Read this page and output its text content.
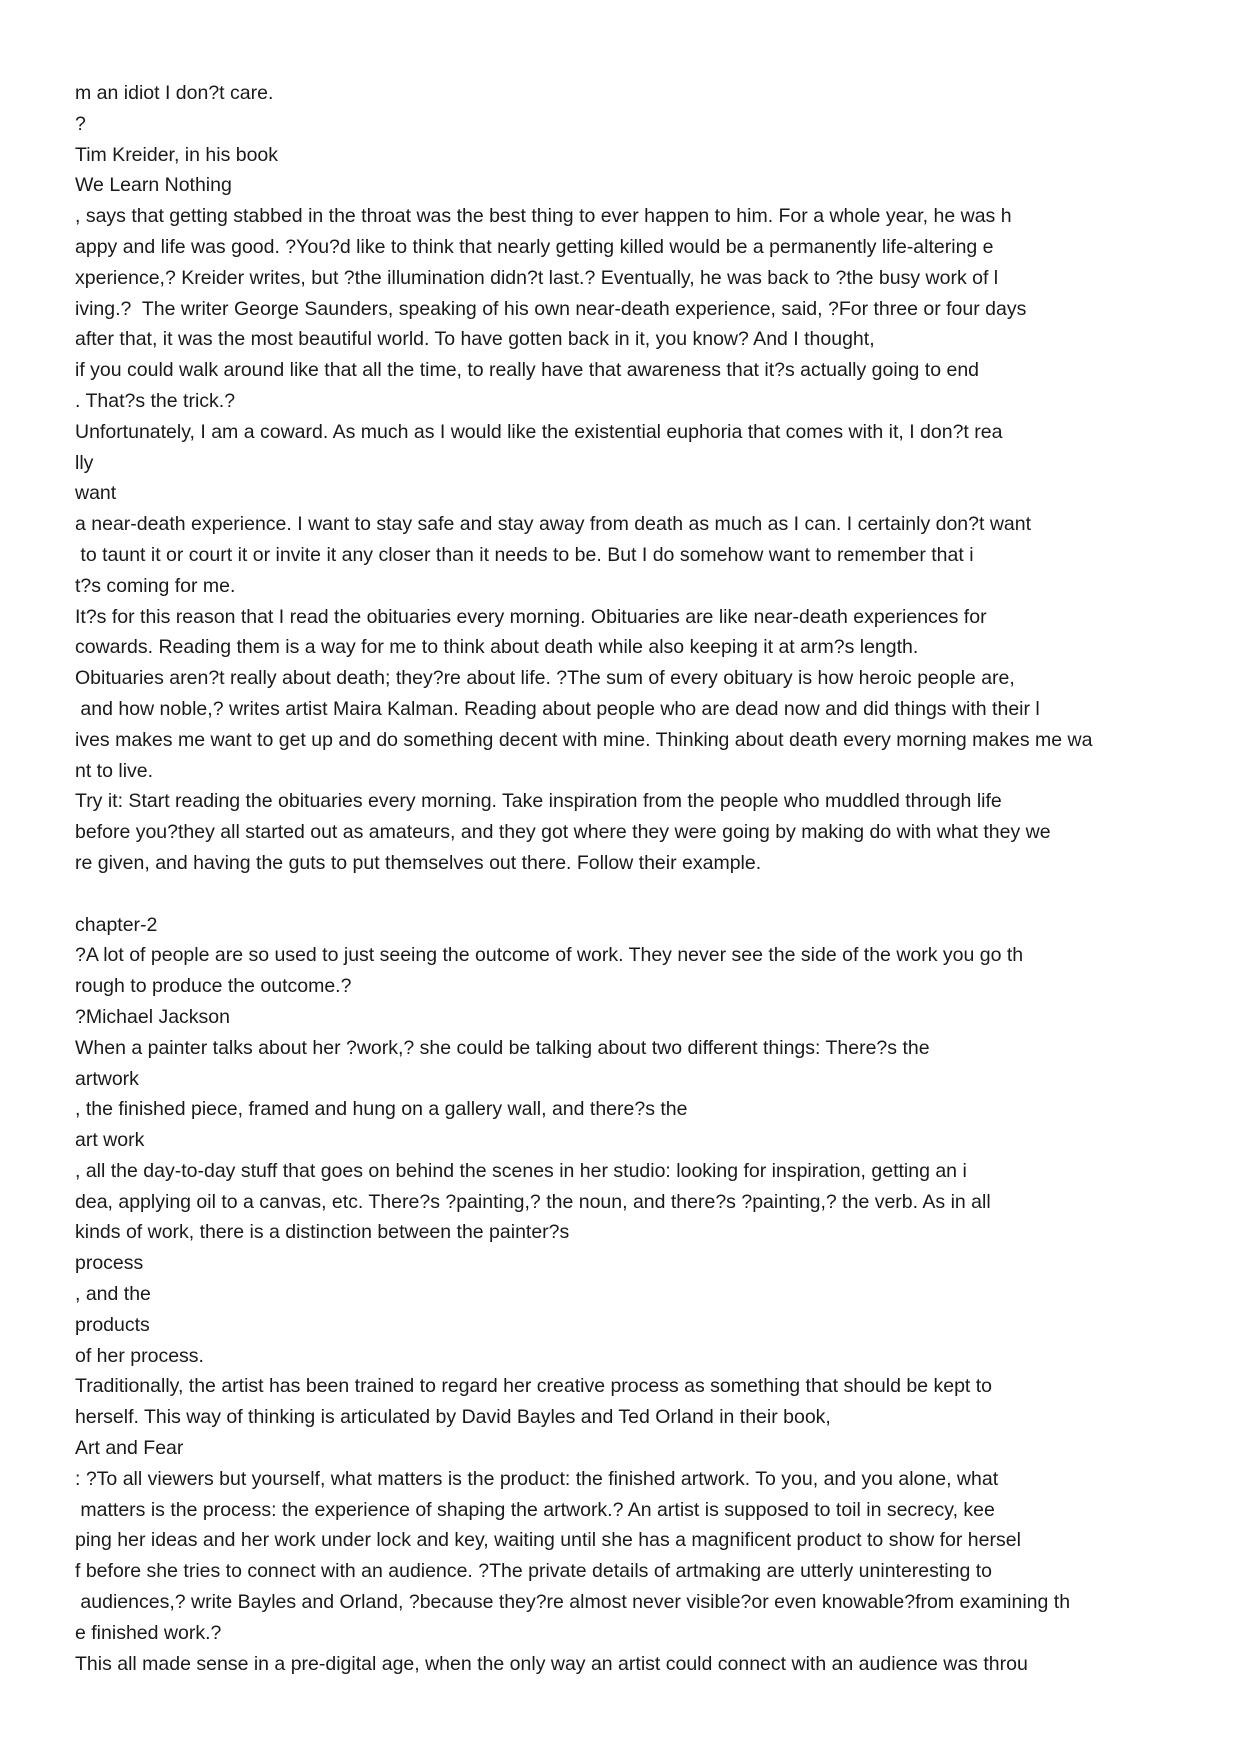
m an idiot I don?t care.
?
Tim Kreider, in his book
We Learn Nothing
, says that getting stabbed in the throat was the best thing to ever happen to him. For a whole year, he was h
appy and life was good. ?You?d like to think that nearly getting killed would be a permanently life-altering e
xperience,? Kreider writes, but ?the illumination didn?t last.? Eventually, he was back to ?the busy work of l
iving.?  The writer George Saunders, speaking of his own near-death experience, said, ?For three or four days
after that, it was the most beautiful world. To have gotten back in it, you know? And I thought,
if you could walk around like that all the time, to really have that awareness that it?s actually going to end
. That?s the trick.?
Unfortunately, I am a coward. As much as I would like the existential euphoria that comes with it, I don?t rea
lly
want
a near-death experience. I want to stay safe and stay away from death as much as I can. I certainly don?t want
to taunt it or court it or invite it any closer than it needs to be. But I do somehow want to remember that i
t?s coming for me.
It?s for this reason that I read the obituaries every morning. Obituaries are like near-death experiences for
cowards. Reading them is a way for me to think about death while also keeping it at arm?s length.
Obituaries aren?t really about death; they?re about life. ?The sum of every obituary is how heroic people are,
and how noble,? writes artist Maira Kalman. Reading about people who are dead now and did things with their l
ives makes me want to get up and do something decent with mine. Thinking about death every morning makes me wa
nt to live.
Try it: Start reading the obituaries every morning. Take inspiration from the people who muddled through life
before you?they all started out as amateurs, and they got where they were going by making do with what they we
re given, and having the guts to put themselves out there. Follow their example.
chapter-2
?A lot of people are so used to just seeing the outcome of work. They never see the side of the work you go th
rough to produce the outcome.?
?Michael Jackson
When a painter talks about her ?work,? she could be talking about two different things: There?s the
artwork
, the finished piece, framed and hung on a gallery wall, and there?s the
art work
, all the day-to-day stuff that goes on behind the scenes in her studio: looking for inspiration, getting an i
dea, applying oil to a canvas, etc. There?s ?painting,? the noun, and there?s ?painting,? the verb. As in all
kinds of work, there is a distinction between the painter?s
process
, and the
products
of her process.
Traditionally, the artist has been trained to regard her creative process as something that should be kept to
herself. This way of thinking is articulated by David Bayles and Ted Orland in their book,
Art and Fear
: ?To all viewers but yourself, what matters is the product: the finished artwork. To you, and you alone, what
matters is the process: the experience of shaping the artwork.? An artist is supposed to toil in secrecy, kee
ping her ideas and her work under lock and key, waiting until she has a magnificent product to show for hersel
f before she tries to connect with an audience. ?The private details of artmaking are utterly uninteresting to
audiences,? write Bayles and Orland, ?because they?re almost never visible?or even knowable?from examining th
e finished work.?
This all made sense in a pre-digital age, when the only way an artist could connect with an audience was throu
